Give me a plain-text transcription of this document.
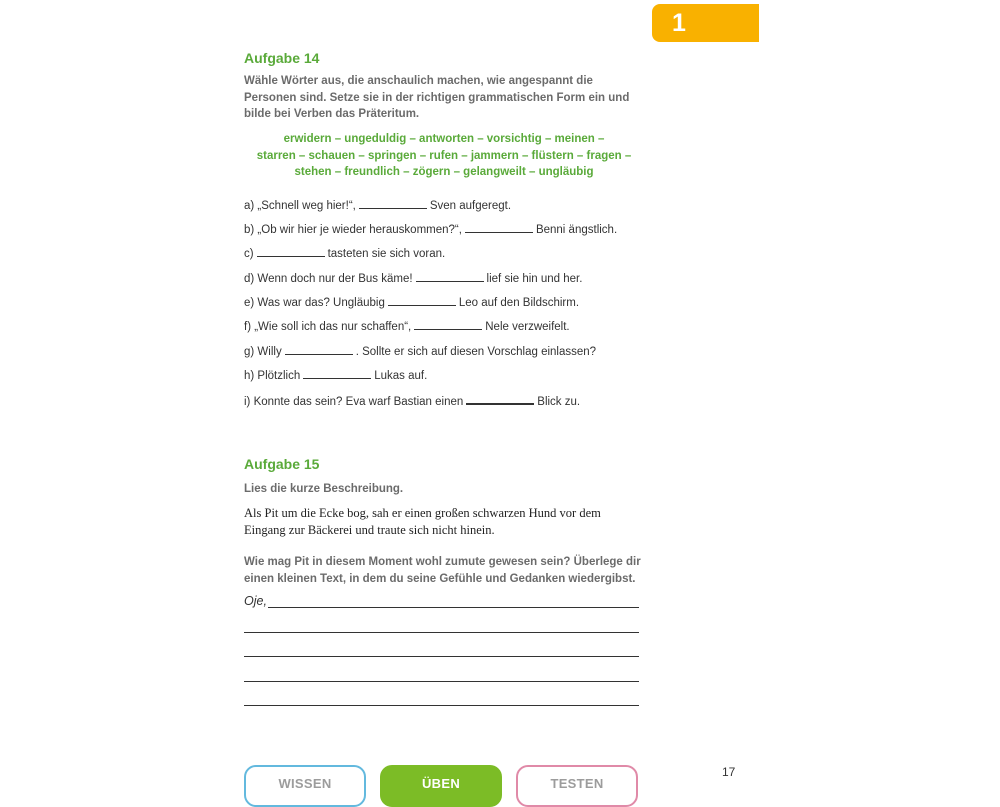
1
Aufgabe 14

Wähle Wörter aus, die anschaulich machen, wie angespannt die Personen sind. Setze sie in der richtigen grammatischen Form ein und bilde bei Verben das Präteritum.

erwidern – ungeduldig – antworten – vorsichtig – meinen –
starren – schauen – springen – rufen – jammern – flüstern – fragen –
stehen – freundlich – zögern – gelangweilt – ungläubig
a) „Schnell weg hier!“,	Sven aufgeregt.
b) „Ob wir hier je wieder herauskommen?“,	Benni ängstlich.
c)	tasteten sie sich voran.
d) Wenn doch nur der Bus käme!	lief sie hin und her.
e) Was war das? Ungläubig	Leo auf den Bildschirm.
f) „Wie soll ich das nur schaffen“,	Nele verzweifelt.
g) Willy	. Sollte er sich auf diesen Vorschlag einlassen?
h) Plötzlich	Lukas auf.
i) Konnte das sein? Eva warf Bastian einen	Blick zu.
Aufgabe 15

Lies die kurze Beschreibung.

Als Pit um die Ecke bog, sah er einen großen schwarzen Hund vor dem Eingang zur Bäckerei und traute sich nicht hinein.

Wie mag Pit in diesem Moment wohl zumute gewesen sein? Überlege dir einen kleinen Text, in dem du seine Gefühle und Gedanken wiedergibst.

Oje,
17
WISSEN	ÜBEN	TESTEN
